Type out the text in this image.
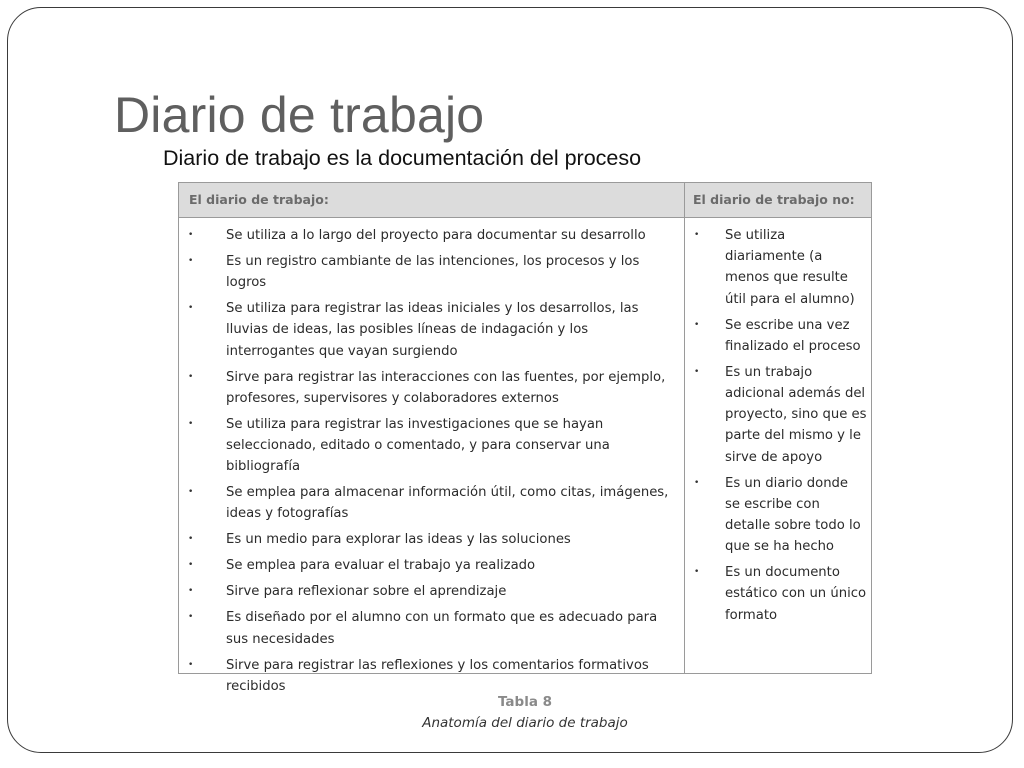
Diario de trabajo
Diario de trabajo es la documentación del proceso
El diario de trabajo:	El diario de trabajo no:
• Se utiliza a lo largo del proyecto para documentar su desarrollo
• Es un registro cambiante de las intenciones, los procesos y los logros
• Se utiliza para registrar las ideas iniciales y los desarrollos, las lluvias de ideas, las posibles líneas de indagación y los interrogantes que vayan surgiendo
• Sirve para registrar las interacciones con las fuentes, por ejemplo, profesores, supervisores y colaboradores externos
• Se utiliza para registrar las investigaciones que se hayan seleccionado, editado o comentado, y para conservar una bibliografía
• Se emplea para almacenar información útil, como citas, imágenes, ideas y fotografías
• Es un medio para explorar las ideas y las soluciones
• Se emplea para evaluar el trabajo ya realizado
• Sirve para reflexionar sobre el aprendizaje
• Es diseñado por el alumno con un formato que es adecuado para sus necesidades
• Sirve para registrar las reflexiones y los comentarios formativos recibidos
• Se utiliza diariamente (a menos que resulte útil para el alumno)
• Se escribe una vez finalizado el proceso
• Es un trabajo adicional además del proyecto, sino que es parte del mismo y le sirve de apoyo
• Es un diario donde se escribe con detalle sobre todo lo que se ha hecho
• Es un documento estático con un único formato
Tabla 8
Anatomía del diario de trabajo
